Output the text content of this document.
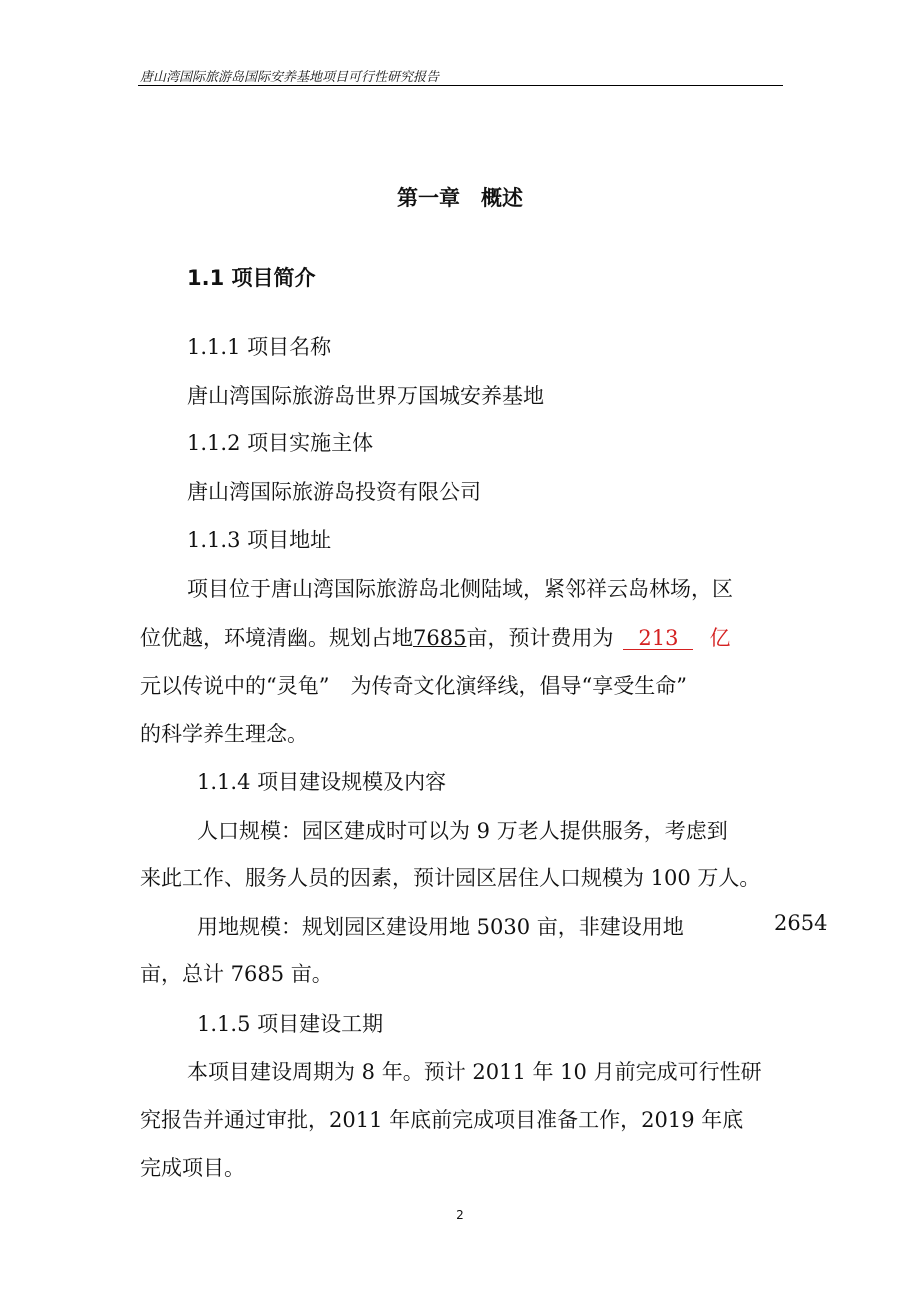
唐山湾国际旅游岛国际安养基地项目可行性研究报告
第一章　概述
1.1 项目简介
1.1.1 项目名称
唐山湾国际旅游岛世界万国城安养基地
1.1.2 项目实施主体
唐山湾国际旅游岛投资有限公司
1.1.3 项目地址
项目位于唐山湾国际旅游岛北侧陆域，紧邻祥云岛林场，区
位优越，环境清幽。规划占地7685亩，预计费用为 213 亿
元以传说中的“灵龟”　为传奇文化演绎线，倡导“享受生命”
的科学养生理念。
1.1.4 项目建设规模及内容
人口规模：园区建成时可以为 9 万老人提供服务，考虑到
来此工作、服务人员的因素，预计园区居住人口规模为 100 万人。
用地规模：规划园区建设用地 5030 亩，非建设用地	2654
亩，总计 7685 亩。
1.1.5 项目建设工期
本项目建设周期为 8 年。预计 2011 年 10 月前完成可行性研
究报告并通过审批，2011 年底前完成项目准备工作，2019 年底
完成项目。
2
